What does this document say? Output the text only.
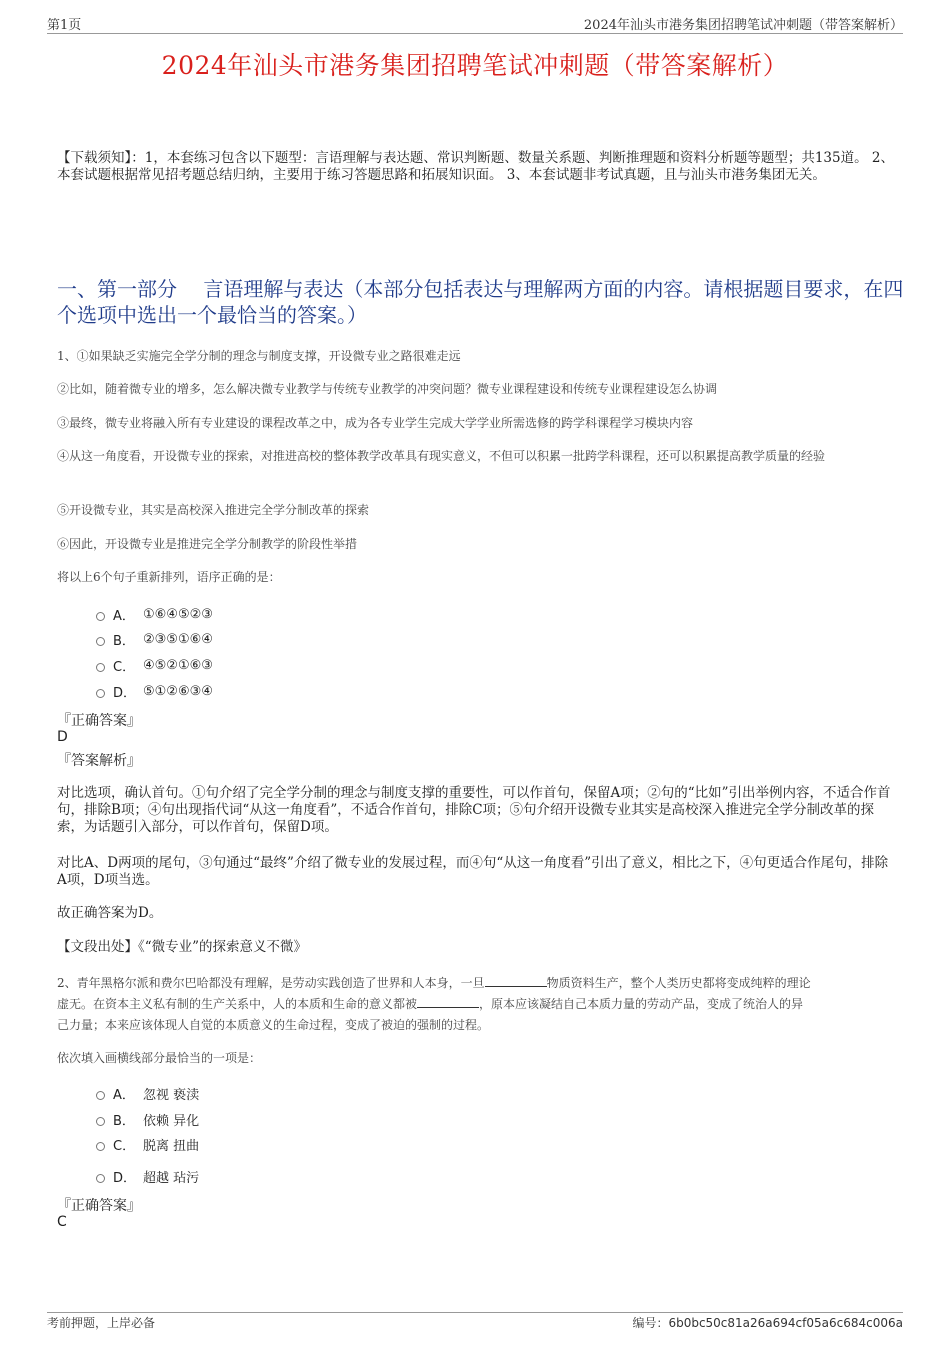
第1页	2024年汕头市港务集团招聘笔试冲刺题（带答案解析）
2024年汕头市港务集团招聘笔试冲刺题（带答案解析）
【下载须知】：1，本套练习包含以下题型：言语理解与表达题、常识判断题、数量关系题、判断推理题和资料分析题等题型；共135道。 2、本套试题根据常见招考题总结归纳，主要用于练习答题思路和拓展知识面。 3、本套试题非考试真题，且与汕头市港务集团无关。
一、第一部分　 言语理解与表达（本部分包括表达与理解两方面的内容。请根据题目要求，在四个选项中选出一个最恰当的答案。）
1、①如果缺乏实施完全学分制的理念与制度支撑，开设微专业之路很难走远
②比如，随着微专业的增多，怎么解决微专业教学与传统专业教学的冲突问题？微专业课程建设和传统专业课程建设怎么协调
③最终，微专业将融入所有专业建设的课程改革之中，成为各专业学生完成大学学业所需选修的跨学科课程学习模块内容
④从这一角度看，开设微专业的探索，对推进高校的整体教学改革具有现实意义，不但可以积累一批跨学科课程，还可以积累提高教学质量的经验
⑤开设微专业，其实是高校深入推进完全学分制改革的探索
⑥因此，开设微专业是推进完全学分制教学的阶段性举措
将以上6个句子重新排列，语序正确的是：
A． ①⑥④⑤②③
B． ②③⑤①⑥④
C． ④⑤②①⑥③
D． ⑤①②⑥③④
『正确答案』
D
『答案解析』
对比选项，确认首句。①句介绍了完全学分制的理念与制度支撑的重要性，可以作首句，保留A项；②句的“比如”引出举例内容，不适合作首句，排除B项；④句出现指代词“从这一角度看”，不适合作首句，排除C项；⑤句介绍开设微专业其实是高校深入推进完全学分制改革的探索，为话题引入部分，可以作首句，保留D项。
对比A、D两项的尾句，③句通过“最终”介绍了微专业的发展过程，而④句“从这一角度看”引出了意义，相比之下，④句更适合作尾句，排除A项，D项当选。
故正确答案为D。
【文段出处】《“微专业”的探索意义不微》
2、青年黑格尔派和费尔巴哈都没有理解，是劳动实践创造了世界和人本身，一旦	物质资料生产，整个人类历史都将变成纯粹的理论
虚无。在资本主义私有制的生产关系中，人的本质和生命的意义都被	，原本应该凝结自己本质力量的劳动产品，变成了统治人的异
己力量；本来应该体现人自觉的本质意义的生命过程，变成了被迫的强制的过程。
依次填入画横线部分最恰当的一项是：
A． 忽视 亵渎
B． 依赖 异化
C． 脱离 扭曲
D． 超越 玷污
『正确答案』
C
考前押题，上岸必备	编号：6b0bc50c81a26a694cf05a6c684c006a
